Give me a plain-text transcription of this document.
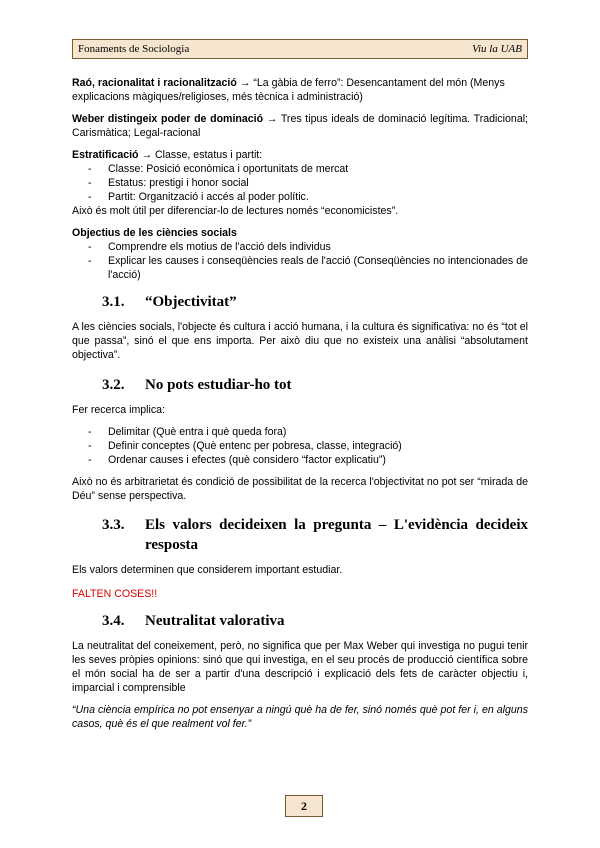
Fonaments de Sociologia	Viu la UAB

Raó, racionalitat i racionalització → “La gàbia de ferro”: Desencantament del món (Menys explicacions màgiques/religioses, més tècnica i administració)

Weber distingeix poder de dominació → Tres tipus ideals de dominació legítima. Tradicional; Carismàtica; Legal-racional

Estratificació → Classe, estatus i partit:

- Classe: Posició econòmica i oportunitats de mercat
- Estatus: prestigi i honor social
- Partit: Organització i accés al poder polític.

Això és molt útil per diferenciar-lo de lectures només “economicistes”.

Objectius de les ciències socials

- Comprendre els motius de l'acció dels individus
- Explicar les causes i conseqüències reals de l'acció (Conseqüències no intencionades de l'acció)
3.1.	“Objectivitat”

A les ciències socials, l'objecte és cultura i acció humana, i la cultura és significativa: no és “tot el que passa”, sinó el que ens importa. Per això diu que no existeix una anàlisi “absolutament objectiva”.

3.2.	No pots estudiar-ho tot

Fer recerca implica:

- Delimitar (Què entra i què queda fora)
- Definir conceptes (Què entenc per pobresa, classe, integració)
- Ordenar causes i efectes (què considero “factor explicatiu”)

Això no és arbitrarietat és condició de possibilitat de la recerca l'objectivitat no pot ser “mirada de Déu” sense perspectiva.

3.3.	Els valors decideixen la pregunta – L'evidència decideix resposta

Els valors determinen que considerem important estudiar.

FALTEN COSES!!

3.4.	Neutralitat valorativa

La neutralitat del coneixement, però, no significa que per Max Weber qui investiga no pugui tenir les seves pròpies opinions: sinó que qui investiga, en el seu procés de producció científica sobre el món social ha de ser a partir d'una descripció i explicació dels fets de caràcter objectiu i, imparcial i comprensible

“Una ciència empírica no pot ensenyar a ningú què ha de fer, sinó només què pot fer i, en alguns casos, què és el que realment vol fer.”

2
